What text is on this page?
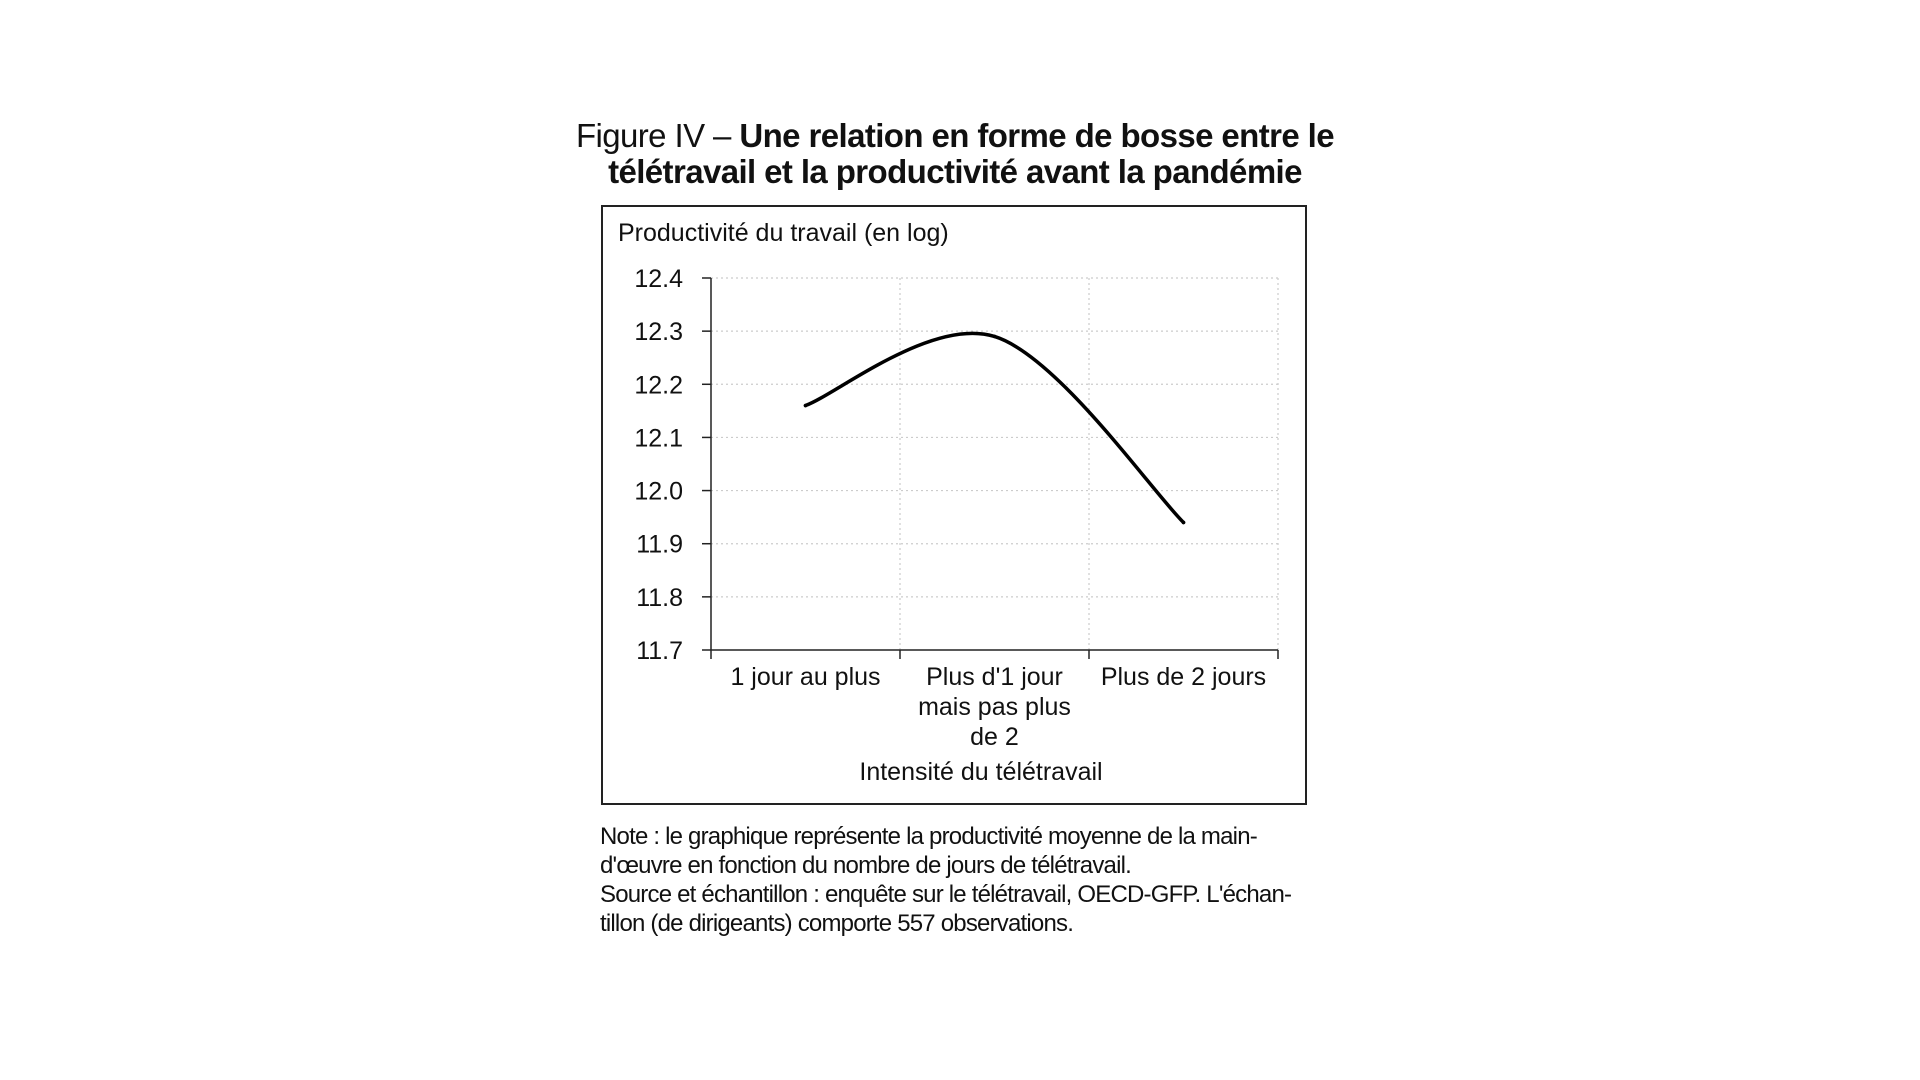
Figure IV – Une relation en forme de bosse entre le télétravail et la productivité avant la pandémie
Productivité du travail (en log)
11.7
11.8
11.9
12.0
12.1
12.2
12.3
12.4
1 jour au plus Plus d'1 jour
mais pas plus
de 2
Plus de 2 jours
Intensité du télétravail

Note : le graphique représente la productivité moyenne de la main-d'œuvre en fonction du nombre de jours de télétravail.

Source et échantillon : enquête sur le télétravail, OECD-GFP. L'échan-tillon (de dirigeants) comporte 557 observations.
